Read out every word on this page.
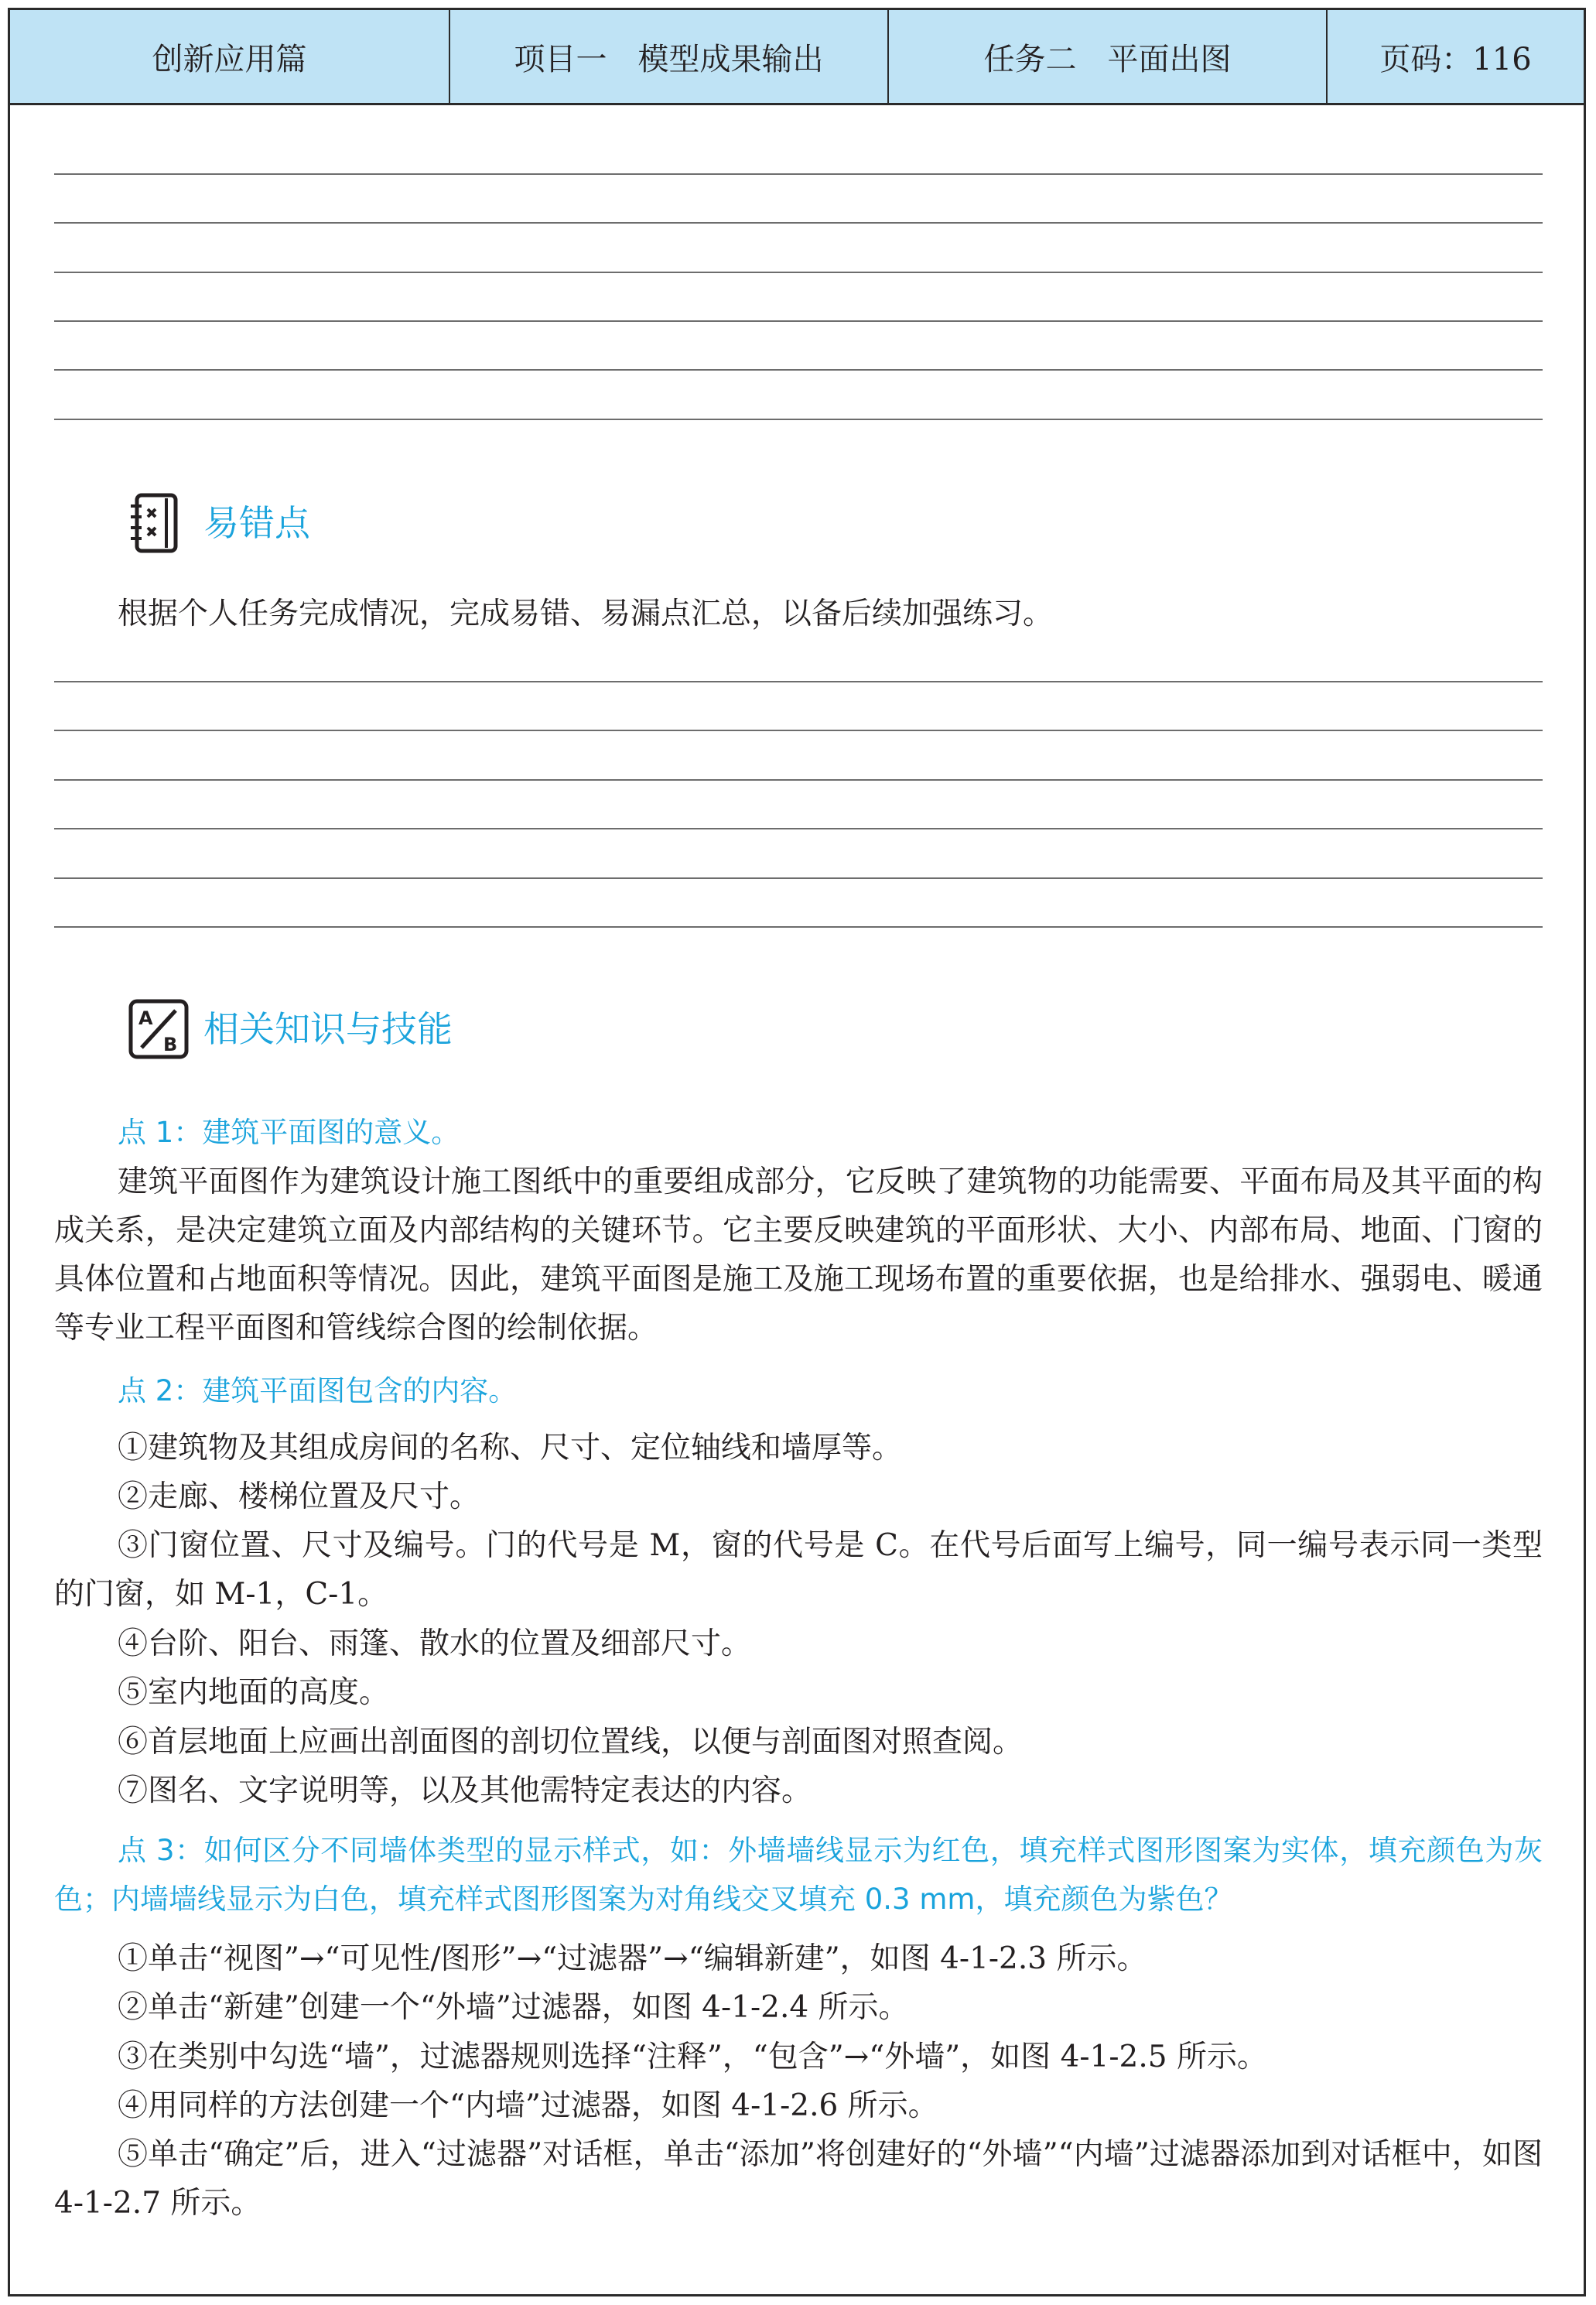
创新应用篇	项目一　模型成果输出	任务二　平面出图	页码：116
易错点
根据个人任务完成情况，完成易错、易漏点汇总，以备后续加强练习。
A
B 相关知识与技能
点 1：建筑平面图的意义。
建筑平面图作为建筑设计施工图纸中的重要组成部分，它反映了建筑物的功能需要、平面布局及其平面的构成关系，是决定建筑立面及内部结构的关键环节。它主要反映建筑的平面形状、大小、内部布局、地面、门窗的具体位置和占地面积等情况。因此，建筑平面图是施工及施工现场布置的重要依据，也是给排水、强弱电、暖通等专业工程平面图和管线综合图的绘制依据。
点 2：建筑平面图包含的内容。
①建筑物及其组成房间的名称、尺寸、定位轴线和墙厚等。
②走廊、楼梯位置及尺寸。
③门窗位置、尺寸及编号。门的代号是 M，窗的代号是 C。在代号后面写上编号，同一编号表示同一类型的门窗，如 M-1，C-1。
④台阶、阳台、雨篷、散水的位置及细部尺寸。
⑤室内地面的高度。
⑥首层地面上应画出剖面图的剖切位置线，以便与剖面图对照查阅。
⑦图名、文字说明等，以及其他需特定表达的内容。
点 3：如何区分不同墙体类型的显示样式，如：外墙墙线显示为红色，填充样式图形图案为实体，填充颜色为灰色；内墙墙线显示为白色，填充样式图形图案为对角线交叉填充 0.3 mm，填充颜色为紫色？
①单击“视图”→“可见性/图形”→“过滤器”→“编辑新建”，如图 4-1-2.3 所示。
②单击“新建”创建一个“外墙”过滤器，如图 4-1-2.4 所示。
③在类别中勾选“墙”，过滤器规则选择“注释”，“包含”→“外墙”，如图 4-1-2.5 所示。
④用同样的方法创建一个“内墙”过滤器，如图 4-1-2.6 所示。
⑤单击“确定”后，进入“过滤器”对话框，单击“添加”将创建好的“外墙”“内墙”过滤器添加到对话框中，如图 4-1-2.7 所示。
